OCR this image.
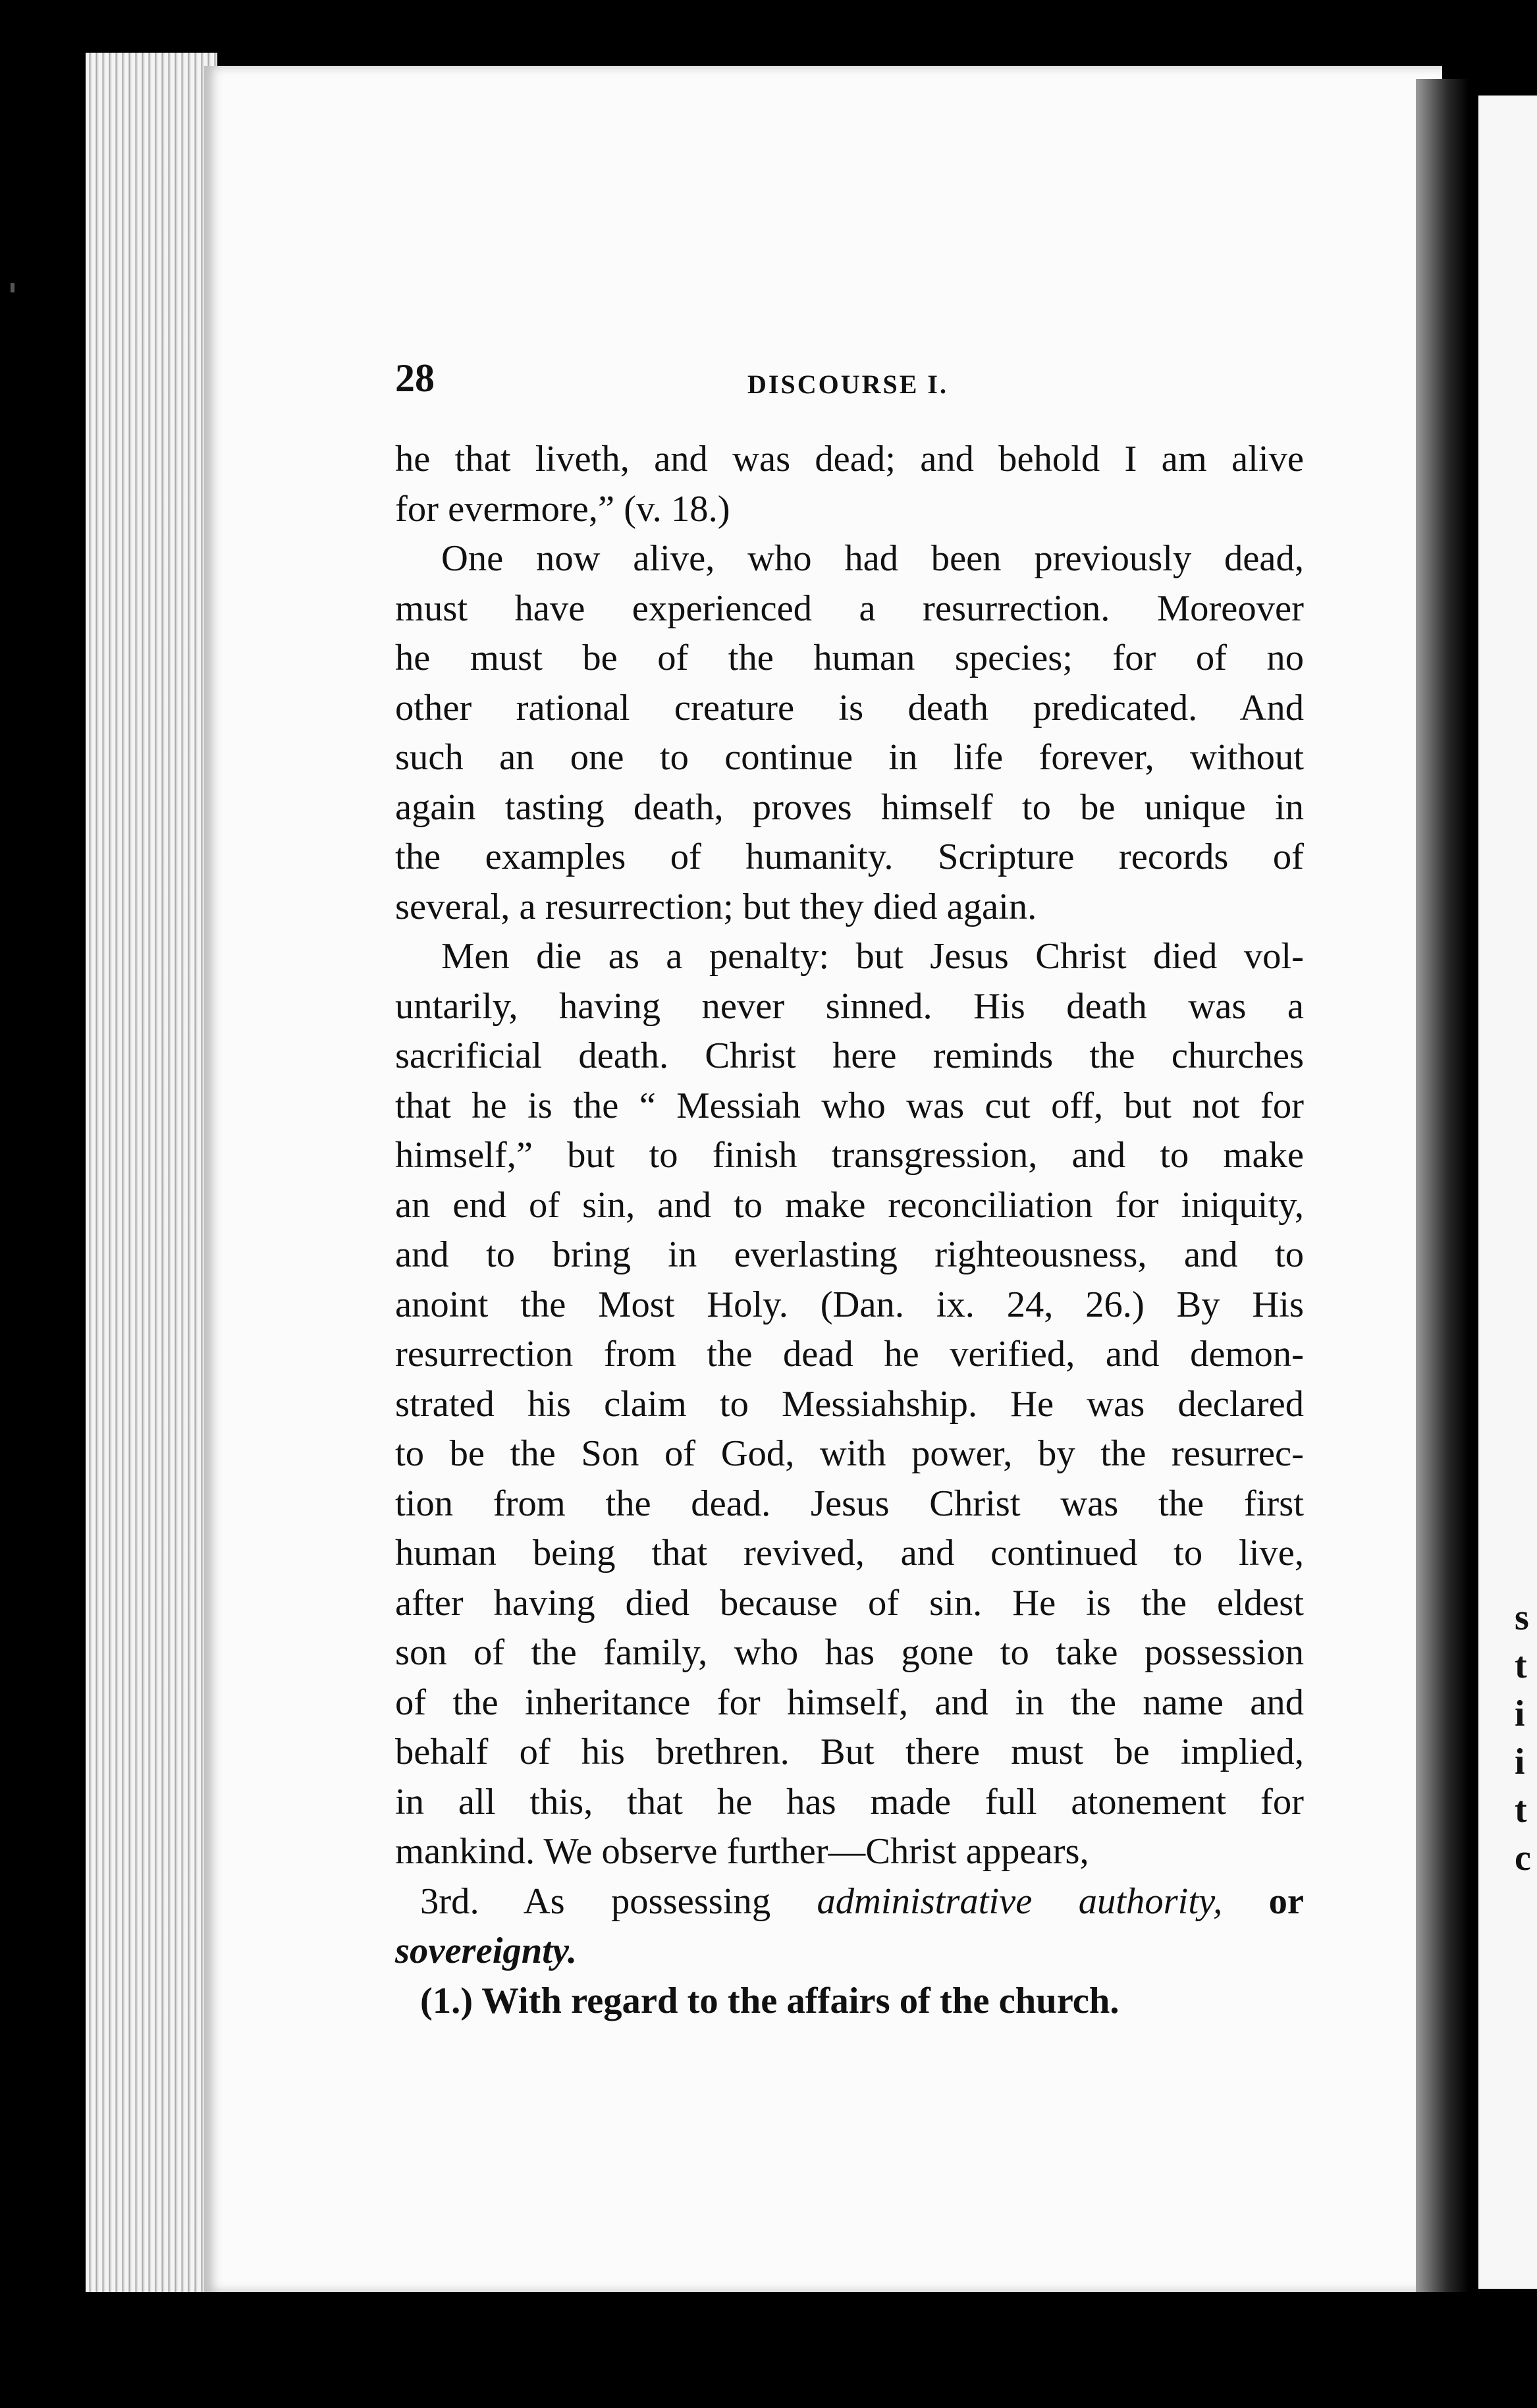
s
t
i
i
t
c
28	DISCOURSE I.
he that liveth, and was dead; and behold I am alive
for evermore,” (v. 18.)
One now alive, who had been previously dead,
must have experienced a resurrection. Moreover
he must be of the human species; for of no
other rational creature is death predicated. And
such an one to continue in life forever, without
again tasting death, proves himself to be unique in
the examples of humanity. Scripture records of
several, a resurrection; but they died again.
Men die as a penalty: but Jesus Christ died vol-
untarily, having never sinned. His death was a
sacrificial death. Christ here reminds the churches
that he is the “ Messiah who was cut off, but not for
himself,” but to finish transgression, and to make
an end of sin, and to make reconciliation for iniquity,
and to bring in everlasting righteousness, and to
anoint the Most Holy. (Dan. ix. 24, 26.) By His
resurrection from the dead he verified, and demon-
strated his claim to Messiahship. He was declared
to be the Son of God, with power, by the resurrec-
tion from the dead. Jesus Christ was the first
human being that revived, and continued to live,
after having died because of sin. He is the eldest
son of the family, who has gone to take possession
of the inheritance for himself, and in the name and
behalf of his brethren. But there must be implied,
in all this, that he has made full atonement for
mankind. We observe further—Christ appears,
3rd. As possessing administrative authority, or
sovereignty.
(1.) With regard to the affairs of the church.
